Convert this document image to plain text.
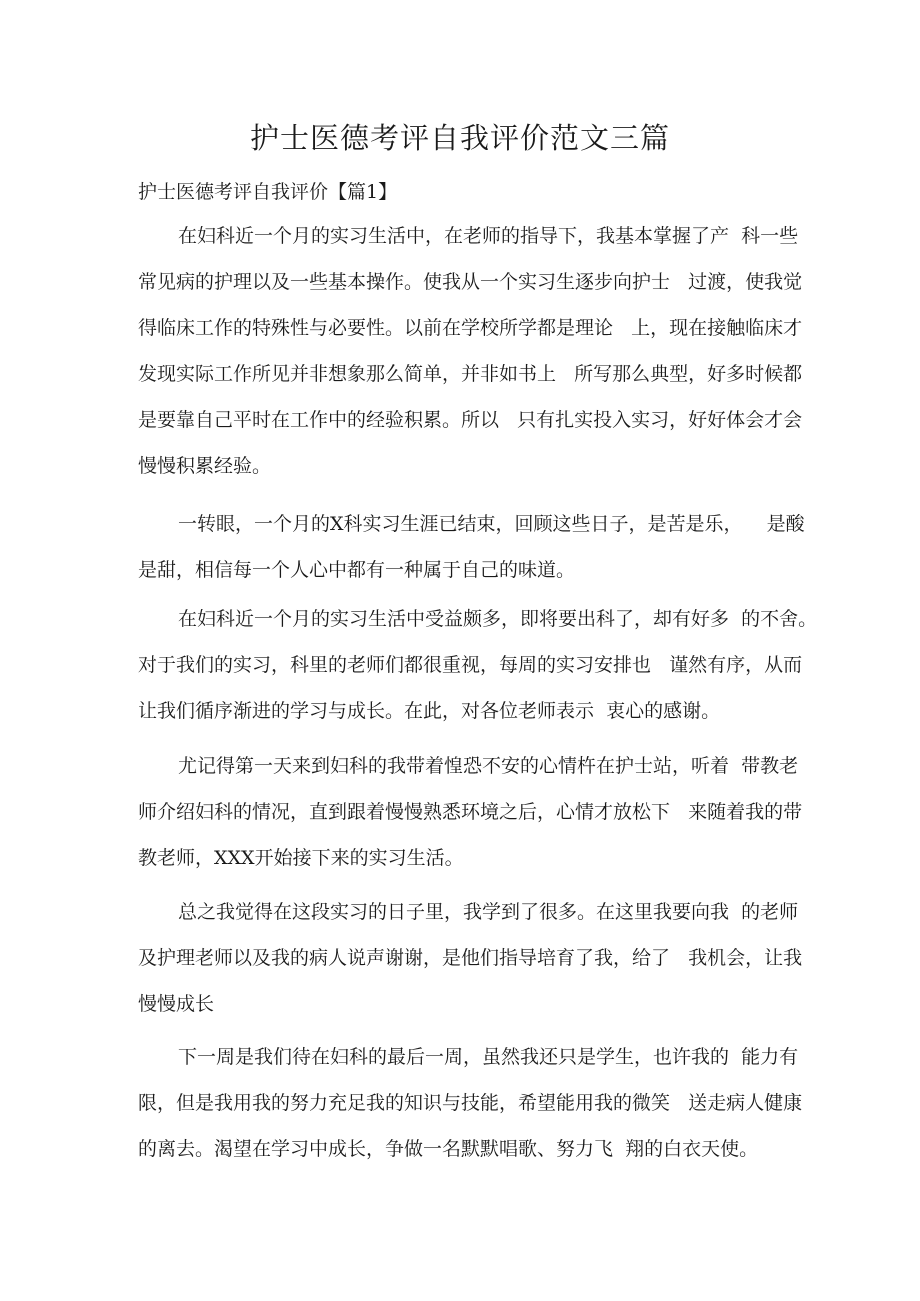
护士医德考评自我评价范文三篇
护士医德考评自我评价【篇1】
在妇科近一个月的实习生活中，在老师的指导下，我基本掌握了产  科一些
常见病的护理以及一些基本操作。使我从一个实习生逐步向护士   过渡，使我觉
得临床工作的特殊性与必要性。以前在学校所学都是理论   上，现在接触临床才
发现实际工作所见并非想象那么简单，并非如书上   所写那么典型，好多时候都
是要靠自己平时在工作中的经验积累。所以   只有扎实投入实习，好好体会才会
慢慢积累经验。
一转眼，一个月的X科实习生涯已结束，回顾这些日子，是苦是乐，    是酸
是甜，相信每一个人心中都有一种属于自己的味道。
在妇科近一个月的实习生活中受益颇多，即将要出科了，却有好多  的不舍。
对于我们的实习，科里的老师们都很重视，每周的实习安排也   谨然有序，从而
让我们循序渐进的学习与成长。在此，对各位老师表示  衷心的感谢。
尤记得第一天来到妇科的我带着惶恐不安的心情杵在护士站，听着  带教老
师介绍妇科的情况，直到跟着慢慢熟悉环境之后，心情才放松下   来随着我的带
教老师，XXX开始接下来的实习生活。
总之我觉得在这段实习的日子里，我学到了很多。在这里我要向我  的老师
及护理老师以及我的病人说声谢谢，是他们指导培育了我，给了   我机会，让我
慢慢成长
下一周是我们待在妇科的最后一周，虽然我还只是学生，也许我的  能力有
限，但是我用我的努力充足我的知识与技能，希望能用我的微笑   送走病人健康
的离去。渴望在学习中成长，争做一名默默唱歌、努力飞  翔的白衣天使。
